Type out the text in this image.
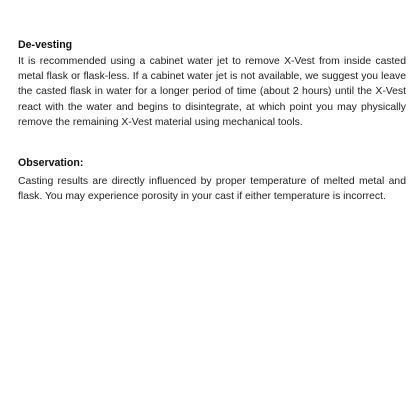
De-vesting

It is recommended using a cabinet water jet to remove X-Vest from inside casted metal flask or flask-less. If a cabinet water jet is not available, we suggest you leave the casted flask in water for a longer period of time (about 2 hours) until the X-Vest react with the water and begins to disintegrate, at which point you may physically remove the remaining X-Vest material using mechanical tools.

Observation:

Casting results are directly influenced by proper temperature of melted metal and flask. You may experience porosity in your cast if either temperature is incorrect.
